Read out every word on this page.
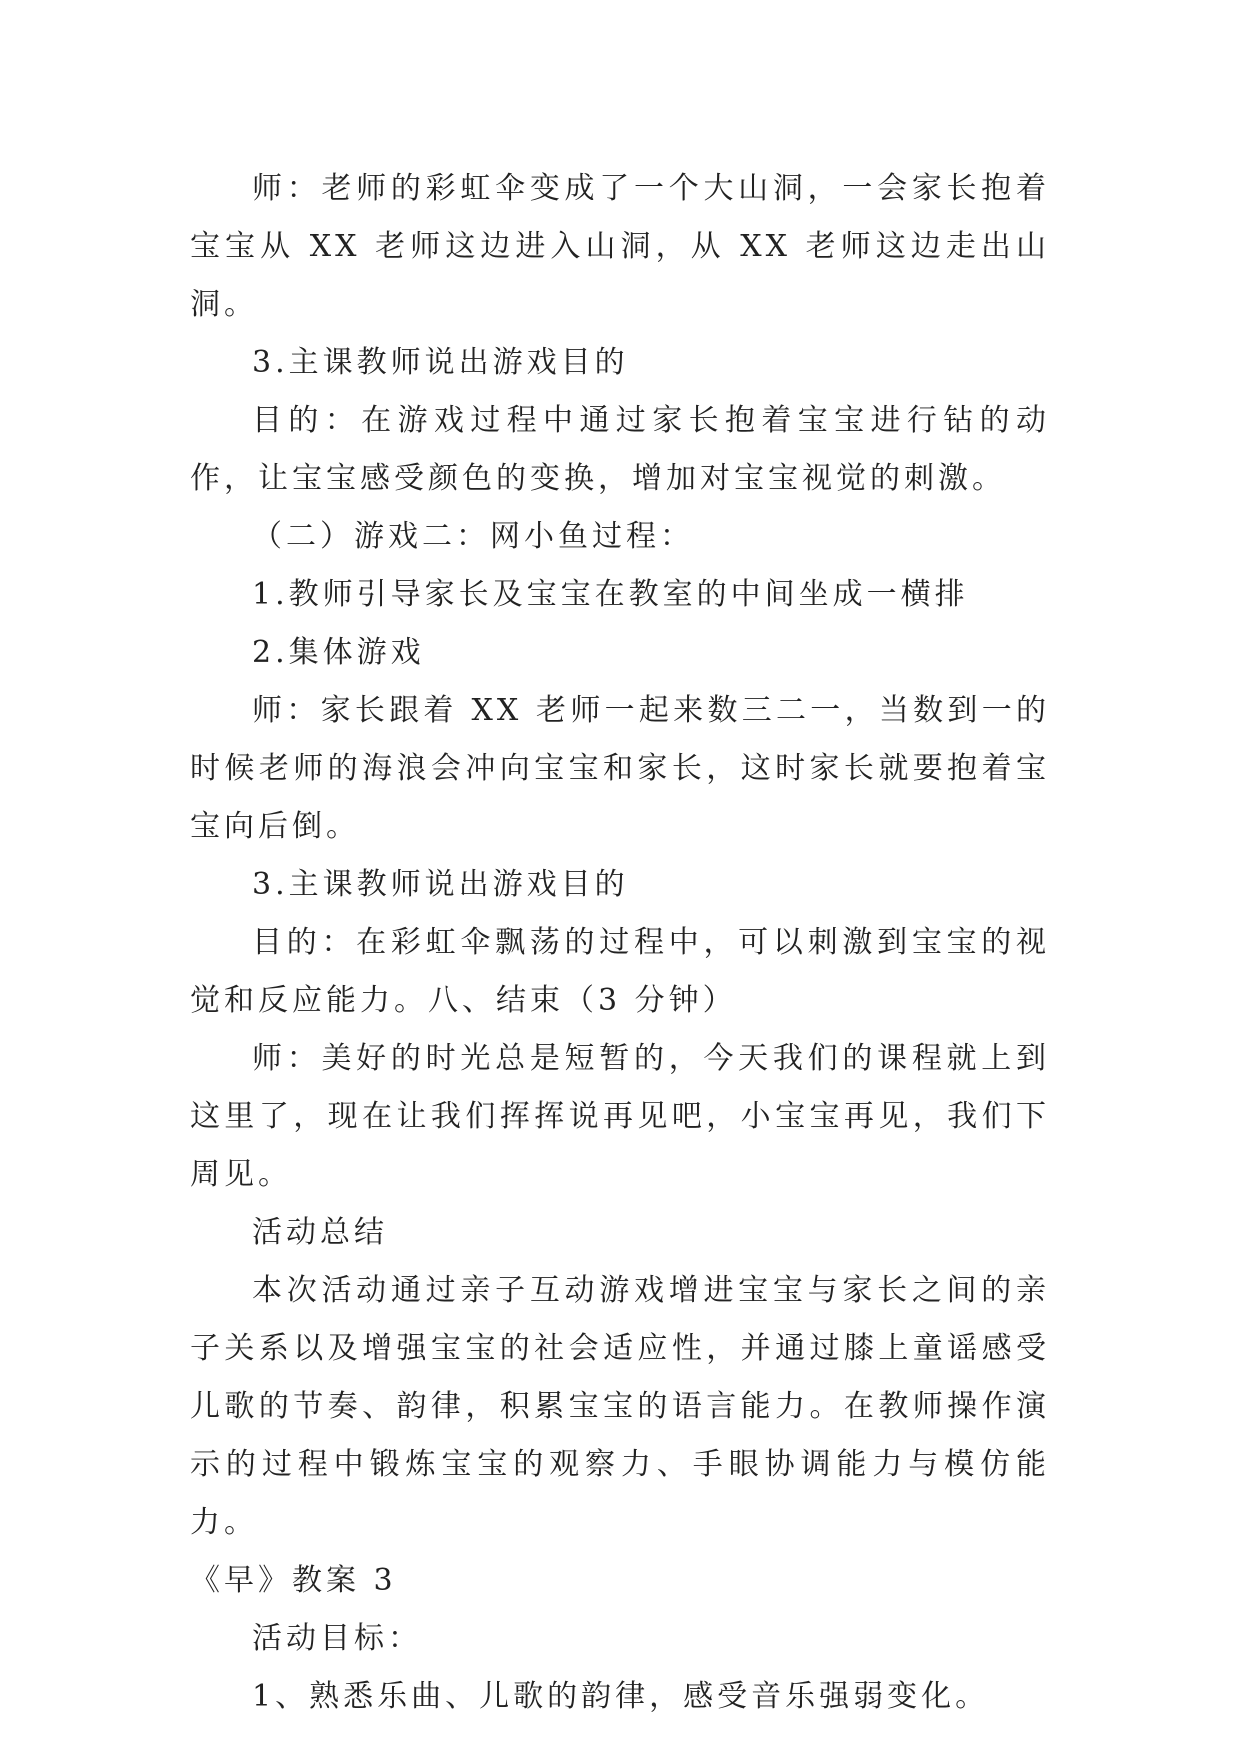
师：老师的彩虹伞变成了一个大山洞，一会家长抱着宝宝从 XX 老师这边进入山洞，从 XX 老师这边走出山洞。

3.主课教师说出游戏目的

目的：在游戏过程中通过家长抱着宝宝进行钻的动作，让宝宝感受颜色的变换，增加对宝宝视觉的刺激。

（二）游戏二：网小鱼过程：

1.教师引导家长及宝宝在教室的中间坐成一横排

2.集体游戏

师：家长跟着 XX 老师一起来数三二一，当数到一的时候老师的海浪会冲向宝宝和家长，这时家长就要抱着宝宝向后倒。

3.主课教师说出游戏目的

目的：在彩虹伞飘荡的过程中，可以刺激到宝宝的视觉和反应能力。八、结束（3 分钟）

师：美好的时光总是短暂的，今天我们的课程就上到这里了，现在让我们挥挥说再见吧，小宝宝再见，我们下周见。

活动总结

本次活动通过亲子互动游戏增进宝宝与家长之间的亲子关系以及增强宝宝的社会适应性，并通过膝上童谣感受儿歌的节奏、韵律，积累宝宝的语言能力。在教师操作演示的过程中锻炼宝宝的观察力、手眼协调能力与模仿能力。

《早》教案 3

活动目标：

1、熟悉乐曲、儿歌的韵律，感受音乐强弱变化。
